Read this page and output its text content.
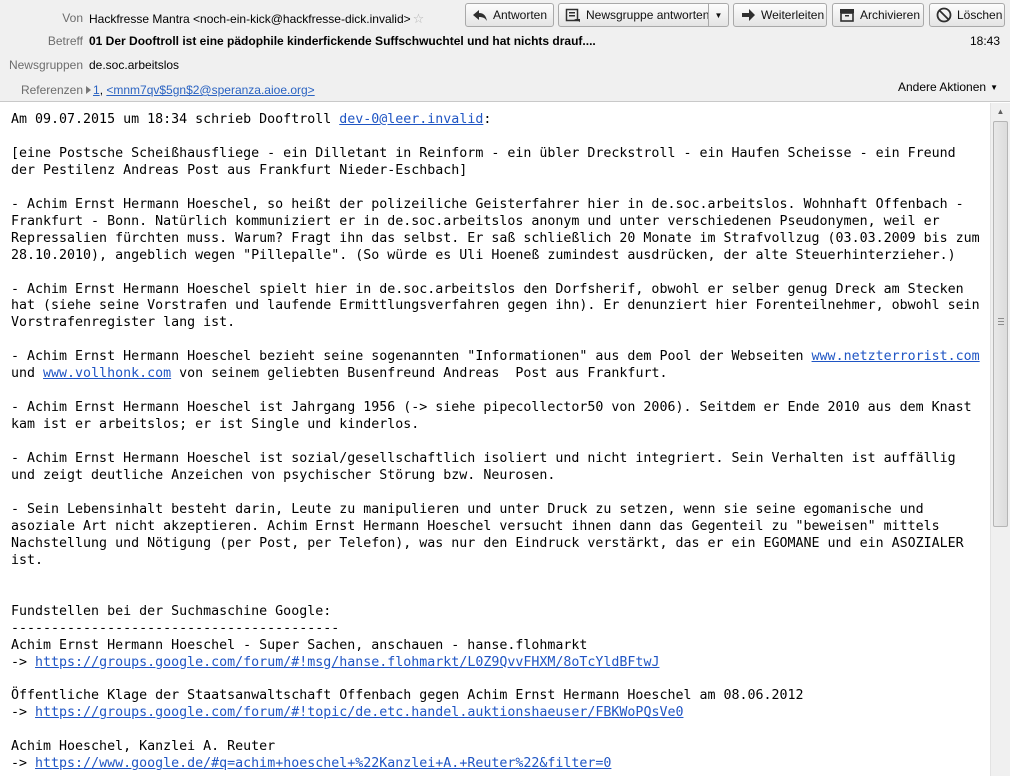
Von Hackfresse Mantra <noch-ein-kick@hackfresse-dick.invalid> ☆
Betreff 01 Der Dooftroll ist eine pädophile kinderfickende Suffschwuchtel und hat nichts drauf....	18:43
Newsgruppen de.soc.arbeitslos
Referenzen 1, <mnm7qv$5gn$2@speranza.aioe.org>	Andere Aktionen ▼
Antworten	Newsgruppe antworten ▼	Weiterleiten	Archivieren	Löschen
Am 09.07.2015 um 18:34 schrieb Dooftroll dev-0@leer.invalid:

[eine Postsche Scheißhausfliege - ein Dilletant in Reinform - ein übler Dreckstroll - ein Haufen Scheisse - ein Freund
der Pestilenz Andreas Post aus Frankfurt Nieder-Eschbach]

- Achim Ernst Hermann Hoeschel, so heißt der polizeiliche Geisterfahrer hier in de.soc.arbeitslos. Wohnhaft Offenbach -
Frankfurt - Bonn. Natürlich kommuniziert er in de.soc.arbeitslos anonym und unter verschiedenen Pseudonymen, weil er
Repressalien fürchten muss. Warum? Fragt ihn das selbst. Er saß schließlich 20 Monate im Strafvollzug (03.03.2009 bis zum
28.10.2010), angeblich wegen "Pillepalle". (So würde es Uli Hoeneß zumindest ausdrücken, der alte Steuerhinterzieher.)

- Achim Ernst Hermann Hoeschel spielt hier in de.soc.arbeitslos den Dorfsherif, obwohl er selber genug Dreck am Stecken
hat (siehe seine Vorstrafen und laufende Ermittlungsverfahren gegen ihn). Er denunziert hier Forenteilnehmer, obwohl sein
Vorstrafenregister lang ist.

- Achim Ernst Hermann Hoeschel bezieht seine sogenannten "Informationen" aus dem Pool der Webseiten www.netzterrorist.com
und www.vollhonk.com von seinem geliebten Busenfreund Andreas  Post aus Frankfurt.

- Achim Ernst Hermann Hoeschel ist Jahrgang 1956 (-> siehe pipecollector50 von 2006). Seitdem er Ende 2010 aus dem Knast
kam ist er arbeitslos; er ist Single und kinderlos.

- Achim Ernst Hermann Hoeschel ist sozial/gesellschaftlich isoliert und nicht integriert. Sein Verhalten ist auffällig
und zeigt deutliche Anzeichen von psychischer Störung bzw. Neurosen.

- Sein Lebensinhalt besteht darin, Leute zu manipulieren und unter Druck zu setzen, wenn sie seine egomanische und
asoziale Art nicht akzeptieren. Achim Ernst Hermann Hoeschel versucht ihnen dann das Gegenteil zu "beweisen" mittels
Nachstellung und Nötigung (per Post, per Telefon), was nur den Eindruck verstärkt, das er ein EGOMANE und ein ASOZIALER
ist.

Fundstellen bei der Suchmaschine Google:
-----------------------------------------
Achim Ernst Hermann Hoeschel - Super Sachen, anschauen - hanse.flohmarkt
-> https://groups.google.com/forum/#!msg/hanse.flohmarkt/L0Z9QvvFHXM/8oTcYldBFtwJ

Öffentliche Klage der Staatsanwaltschaft Offenbach gegen Achim Ernst Hermann Hoeschel am 08.06.2012
-> https://groups.google.com/forum/#!topic/de.etc.handel.auktionshaeuser/FBKWoPQsVe0

Achim Hoeschel, Kanzlei A. Reuter
-> https://www.google.de/#q=achim+hoeschel+%22Kanzlei+A.+Reuter%22&filter=0
▲
